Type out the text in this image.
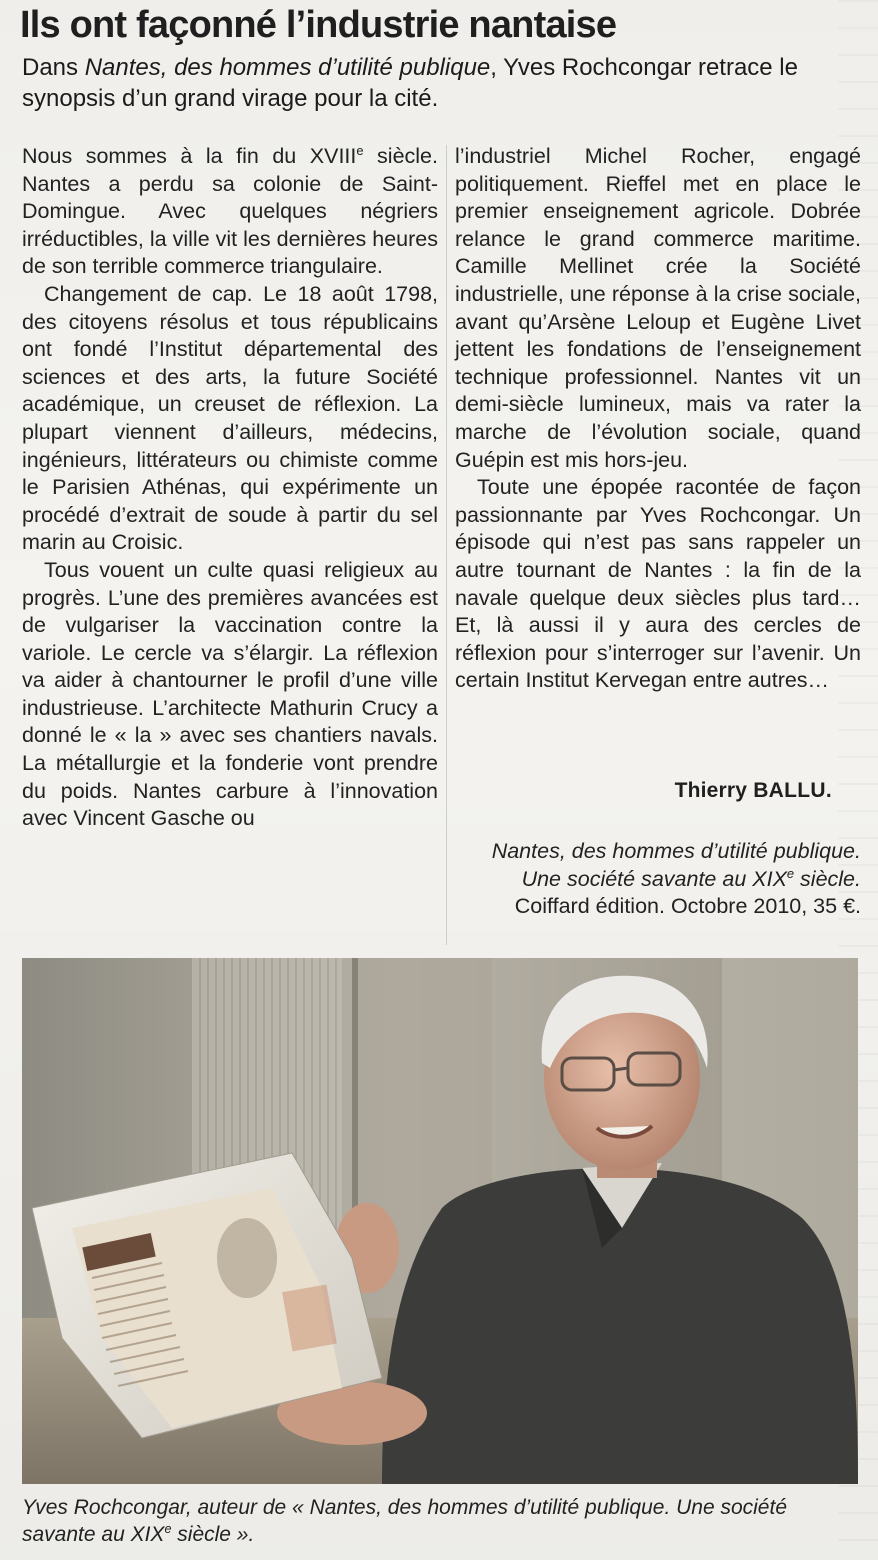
Ils ont façonné l’industrie nantaise

Dans Nantes, des hommes d’utilité publique, Yves Rochcongar retrace le synopsis d’un grand virage pour la cité.

Nous sommes à la fin du XVIIIe siècle. Nantes a perdu sa colonie de Saint-Domingue. Avec quelques négriers irréductibles, la ville vit les dernières heures de son terrible commerce triangulaire.

Changement de cap. Le 18 août 1798, des citoyens résolus et tous républicains ont fondé l’Institut départemental des sciences et des arts, la future Société académique, un creuset de réflexion. La plupart viennent d’ailleurs, médecins, ingénieurs, littérateurs ou chimiste comme le Parisien Athénas, qui expérimente un procédé d’extrait de soude à partir du sel marin au Croisic.

Tous vouent un culte quasi religieux au progrès. L’une des premières avancées est de vulgariser la vaccination contre la variole. Le cercle va s’élargir. La réflexion va aider à chantourner le profil d’une ville industrieuse. L’architecte Mathurin Crucy a donné le « la » avec ses chantiers navals. La métallurgie et la fonderie vont prendre du poids. Nantes carbure à l’innovation avec Vincent Gasche ou

l’industriel Michel Rocher, engagé politiquement. Rieffel met en place le premier enseignement agricole. Dobrée relance le grand commerce maritime. Camille Mellinet crée la Société industrielle, une réponse à la crise sociale, avant qu’Arsène Leloup et Eugène Livet jettent les fondations de l’enseignement technique professionnel. Nantes vit un demi-siècle lumineux, mais va rater la marche de l’évolution sociale, quand Guépin est mis hors-jeu.

Toute une épopée racontée de façon passionnante par Yves Rochcongar. Un épisode qui n’est pas sans rappeler un autre tournant de Nantes : la fin de la navale quelque deux siècles plus tard… Et, là aussi il y aura des cercles de réflexion pour s’interroger sur l’avenir. Un certain Institut Kervegan entre autres…

Thierry BALLU.

Nantes, des hommes d’utilité publique. Une société savante au XIXe siècle. Coiffard édition. Octobre 2010, 35 €.

Yves Rochcongar, auteur de « Nantes, des hommes d’utilité publique. Une société savante au XIXe siècle ».
